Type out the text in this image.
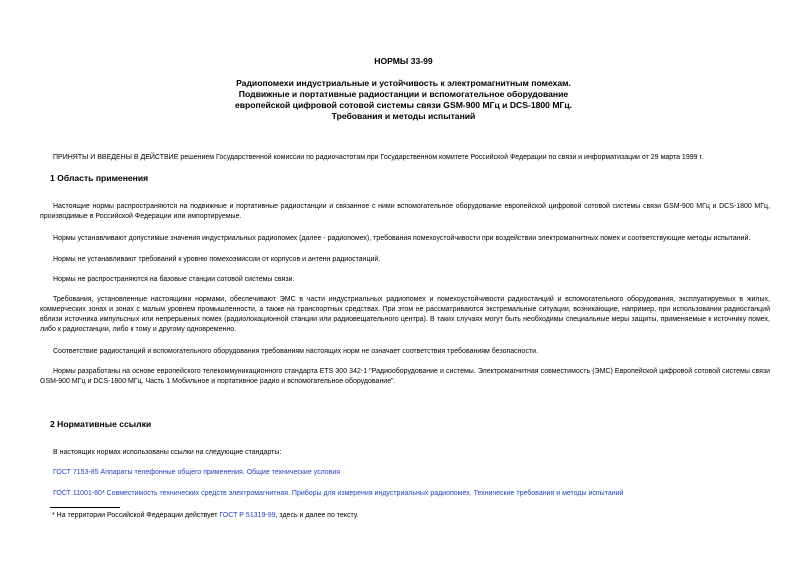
НОРМЫ 33-99
Радиопомехи индустриальные и устойчивость к электромагнитным помехам.
Подвижные и портативные радиостанции и вспомогательное оборудование
европейской цифровой сотовой системы связи GSM-900 МГц и DCS-1800 МГц.
Требования и методы испытаний
ПРИНЯТЫ И ВВЕДЕНЫ В ДЕЙСТВИЕ решением Государственной комиссии по радиочастотам при Государственном комитете Российской Федерации по связи и информатизации от 29 марта 1999 г.
1 Область применения
Настоящие нормы распространяются на подвижные и портативные радиостанции и связанное с ними вспомогательное оборудование европейской цифровой сотовой системы связи GSM-900 МГц и DCS-1800 МГц, производимые в Российской Федерации или импортируемые.
Нормы устанавливают допустимые значения индустриальных радиопомех (далее - радиопомех), требования помехоустойчивости при воздействии электромагнитных помех и соответствующие методы испытаний.
Нормы не устанавливают требований к уровню помехоэмиссии от корпусов и антенн радиостанций.
Нормы не распространяются на базовые станции сотовой системы связи.
Требования, установленные настоящими нормами, обеспечивают ЭМС в части индустриальных радиопомех и помехоустойчивости радиостанций и вспомогательного оборудования, эксплуатируемых в жилых, коммерческих зонах и зонах с малым уровнем промышленности, а также на транспортных средствах. При этом не рассматриваются экстремальные ситуации, возникающие, например, при использовании радиостанций вблизи источника импульсных или непрерывных помех (радиолокационной станции или радиовещательного центра). В таких случаях могут быть необходимы специальные меры защиты, применяемые к источнику помех, либо к радиостанции, либо к тому и другому одновременно.
Соответствие радиостанций и вспомогательного оборудования требованиям настоящих норм не означает соответствия требованиям безопасности.
Нормы разработаны на основе европейского телекоммуникационного стандарта ETS 300 342-1 "Радиооборудование и системы. Электромагнитная совместимость (ЭМС) Европейской цифровой сотовой системы связи GSM-900 МГц и DCS-1800 МГц. Часть 1 Мобильное и портативное радио и вспомогательное оборудование".
2 Нормативные ссылки
В настоящих нормах использованы ссылки на следующие стандарты:
ГОСТ 7153-85 Аппараты телефонные общего применения. Общие технические условия
ГОСТ 11001-80* Совместимость технических средств электромагнитная. Приборы для измерения индустриальных радиопомех. Технические требования и методы испытаний
* На территории Российской Федерации действует ГОСТ Р 51319-99, здесь и далее по тексту.
